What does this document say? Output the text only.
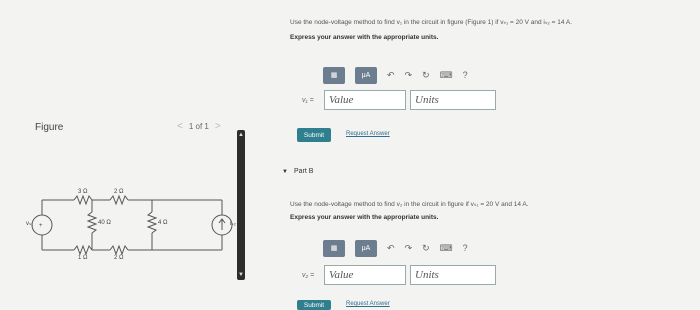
Figure	< 1 of 1 >
+
3 Ω	2 Ω
40 Ω	4 Ω
1 Ω	2 Ω
vₛ₁	iₛ₂
▲
▼
Use the node-voltage method to find v₁ in the circuit in figure (Figure 1) if vₛ₁ = 20 V and iₛ₂ = 14 A.
Express your answer with the appropriate units.
▦	μA	↶ ↷ ↻ ⌨ ?
v₁ =	Value	Units
Submit	Request Answer
▼ Part B
Use the node-voltage method to find v₂ in the circuit in figure if vₛ₁ = 20 V and 14 A.
Express your answer with the appropriate units.
▦	μA	↶ ↷ ↻ ⌨ ?
v₂ =	Value	Units
Submit	Request Answer
